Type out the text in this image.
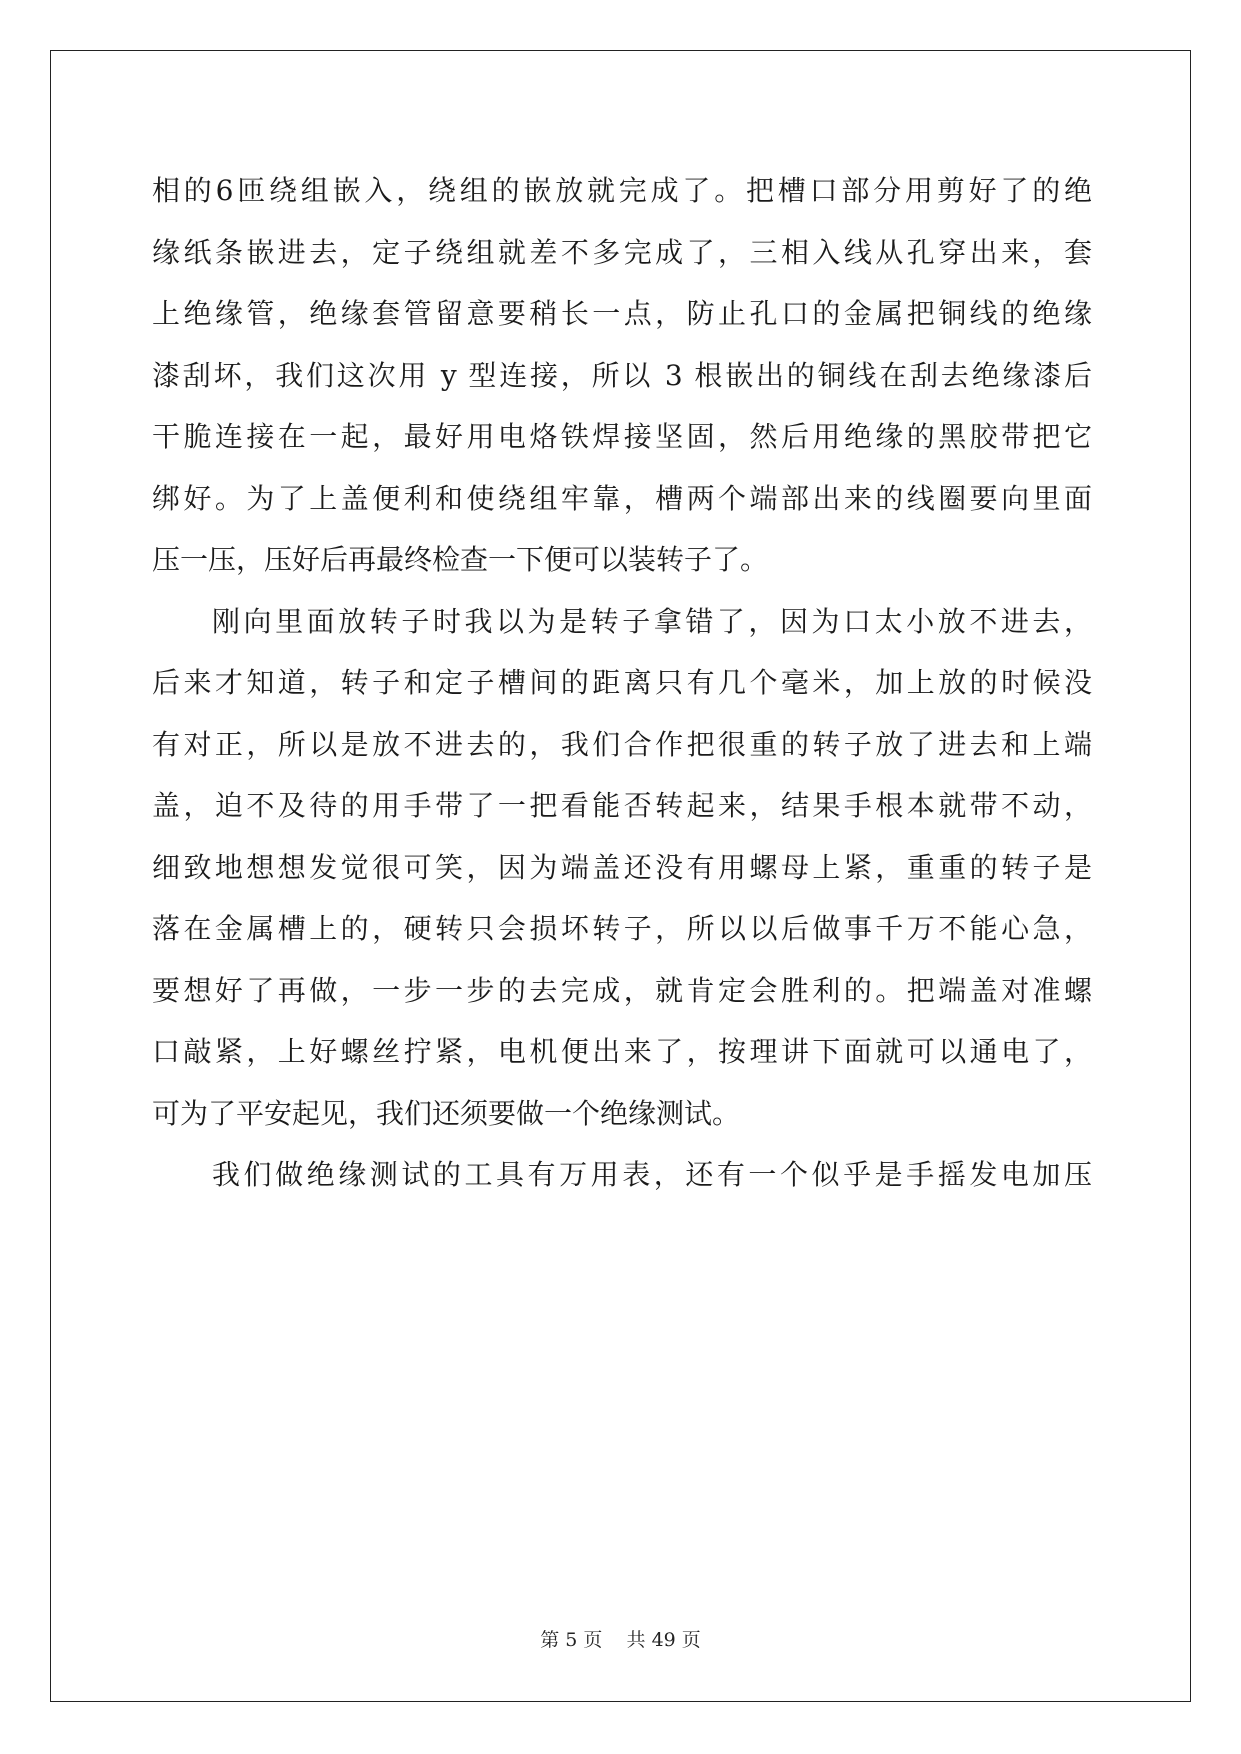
相的6匝绕组嵌入，绕组的嵌放就完成了。把槽口部分用剪好了的绝
缘纸条嵌进去，定子绕组就差不多完成了，三相入线从孔穿出来，套
上绝缘管，绝缘套管留意要稍长一点，防止孔口的金属把铜线的绝缘
漆刮坏，我们这次用 y 型连接，所以 3 根嵌出的铜线在刮去绝缘漆后
干脆连接在一起，最好用电烙铁焊接坚固，然后用绝缘的黑胶带把它
绑好。为了上盖便利和使绕组牢靠，槽两个端部出来的线圈要向里面
压一压，压好后再最终检查一下便可以装转子了。
刚向里面放转子时我以为是转子拿错了，因为口太小放不进去，
后来才知道，转子和定子槽间的距离只有几个毫米，加上放的时候没
有对正，所以是放不进去的，我们合作把很重的转子放了进去和上端
盖，迫不及待的用手带了一把看能否转起来，结果手根本就带不动，
细致地想想发觉很可笑，因为端盖还没有用螺母上紧，重重的转子是
落在金属槽上的，硬转只会损坏转子，所以以后做事千万不能心急，
要想好了再做，一步一步的去完成，就肯定会胜利的。把端盖对准螺
口敲紧，上好螺丝拧紧，电机便出来了，按理讲下面就可以通电了，
可为了平安起见，我们还须要做一个绝缘测试。
我们做绝缘测试的工具有万用表，还有一个似乎是手摇发电加压
第 5 页 共 49 页
